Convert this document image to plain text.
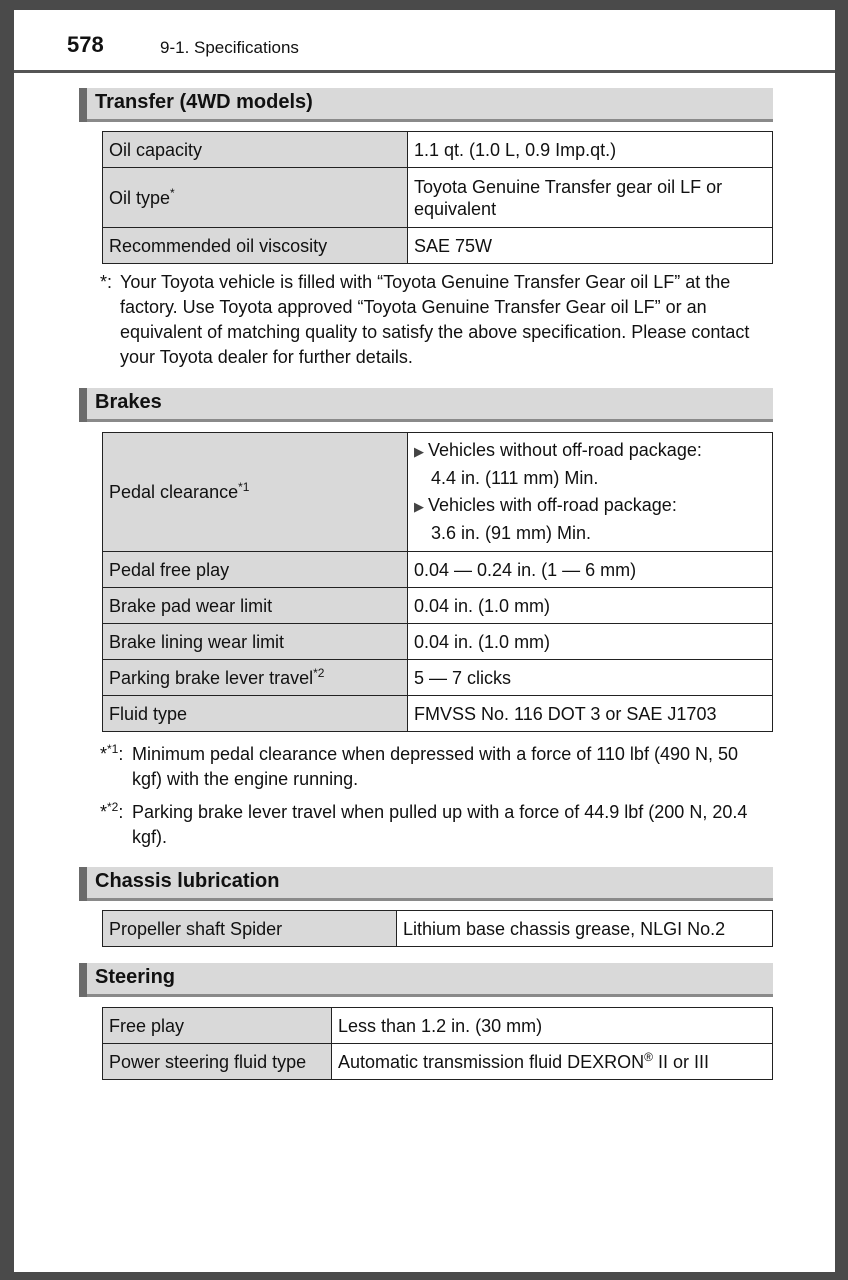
578	9-1. Specifications
Transfer (4WD models)
Oil capacity	1.1 qt. (1.0 L, 0.9 Imp.qt.)
Oil type*	Toyota Genuine Transfer gear oil LF or equivalent
Recommended oil viscosity	SAE 75W
*: Your Toyota vehicle is filled with “Toyota Genuine Transfer Gear oil LF” at the factory. Use Toyota approved “Toyota Genuine Transfer Gear oil LF” or an equivalent of matching quality to satisfy the above specification. Please contact your Toyota dealer for further details.
Brakes
Pedal clearance$^{*1}$	▶ Vehicles without off-road package:
4.4 in. (111 mm) Min.
▶ Vehicles with off-road package:
3.6 in. (91 mm) Min.

Pedal free play	0.04 — 0.24 in. (1 — 6 mm)
Brake pad wear limit	0.04 in. (1.0 mm)
Brake lining wear limit	0.04 in. (1.0 mm)
Parking brake lever travel$^{*2}$	5 — 7 clicks
Fluid type	FMVSS No. 116 DOT 3 or SAE J1703
*$^{*1}$: Minimum pedal clearance when depressed with a force of 110 lbf (490 N, 50 kgf) with the engine running.
*$^{*2}$: Parking brake lever travel when pulled up with a force of 44.9 lbf (200 N, 20.4 kgf).
Chassis lubrication
Propeller shaft Spider	Lithium base chassis grease, NLGI No.2
Steering
Free play	Less than 1.2 in. (30 mm)
Power steering fluid type	Automatic transmission fluid DEXRON® II or III
